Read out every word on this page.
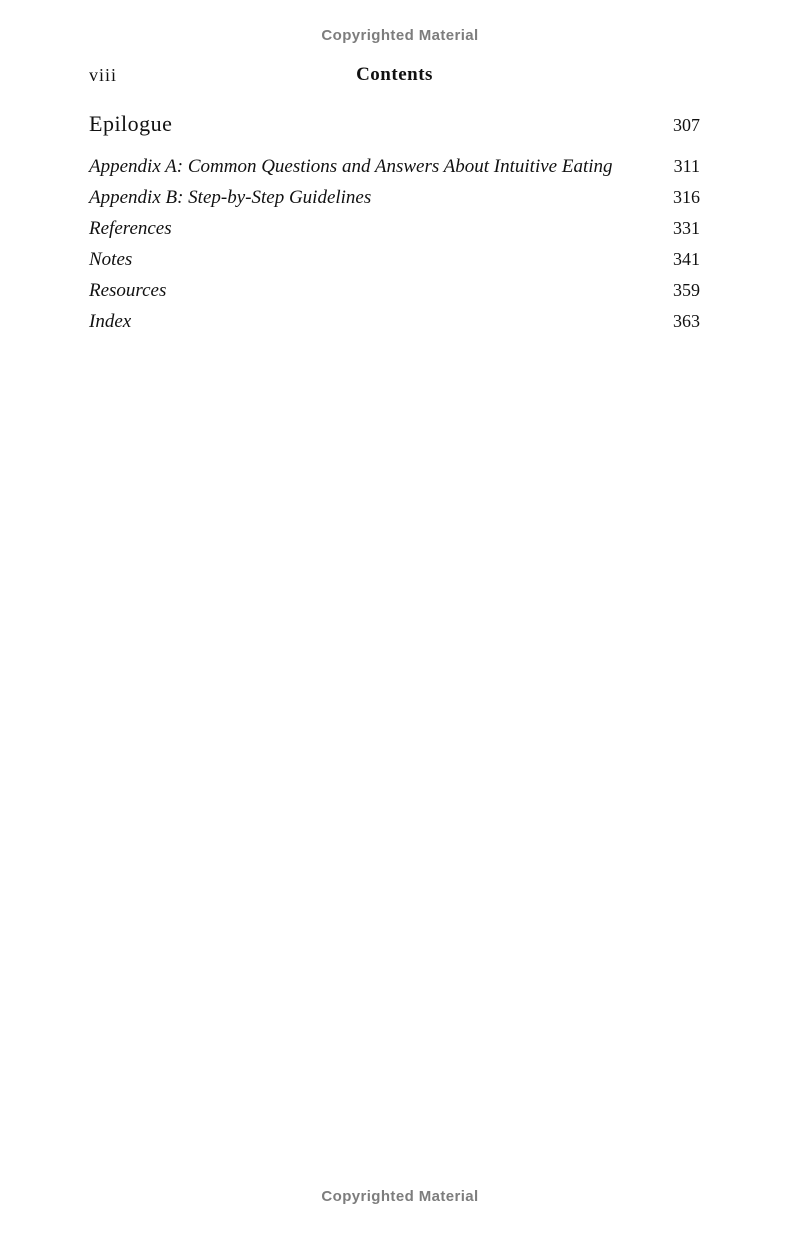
Copyrighted Material
viii	Contents
Epilogue	307
Appendix A: Common Questions and Answers About Intuitive Eating	311
Appendix B: Step-by-Step Guidelines	316
References	331
Notes	341
Resources	359
Index	363
Copyrighted Material
